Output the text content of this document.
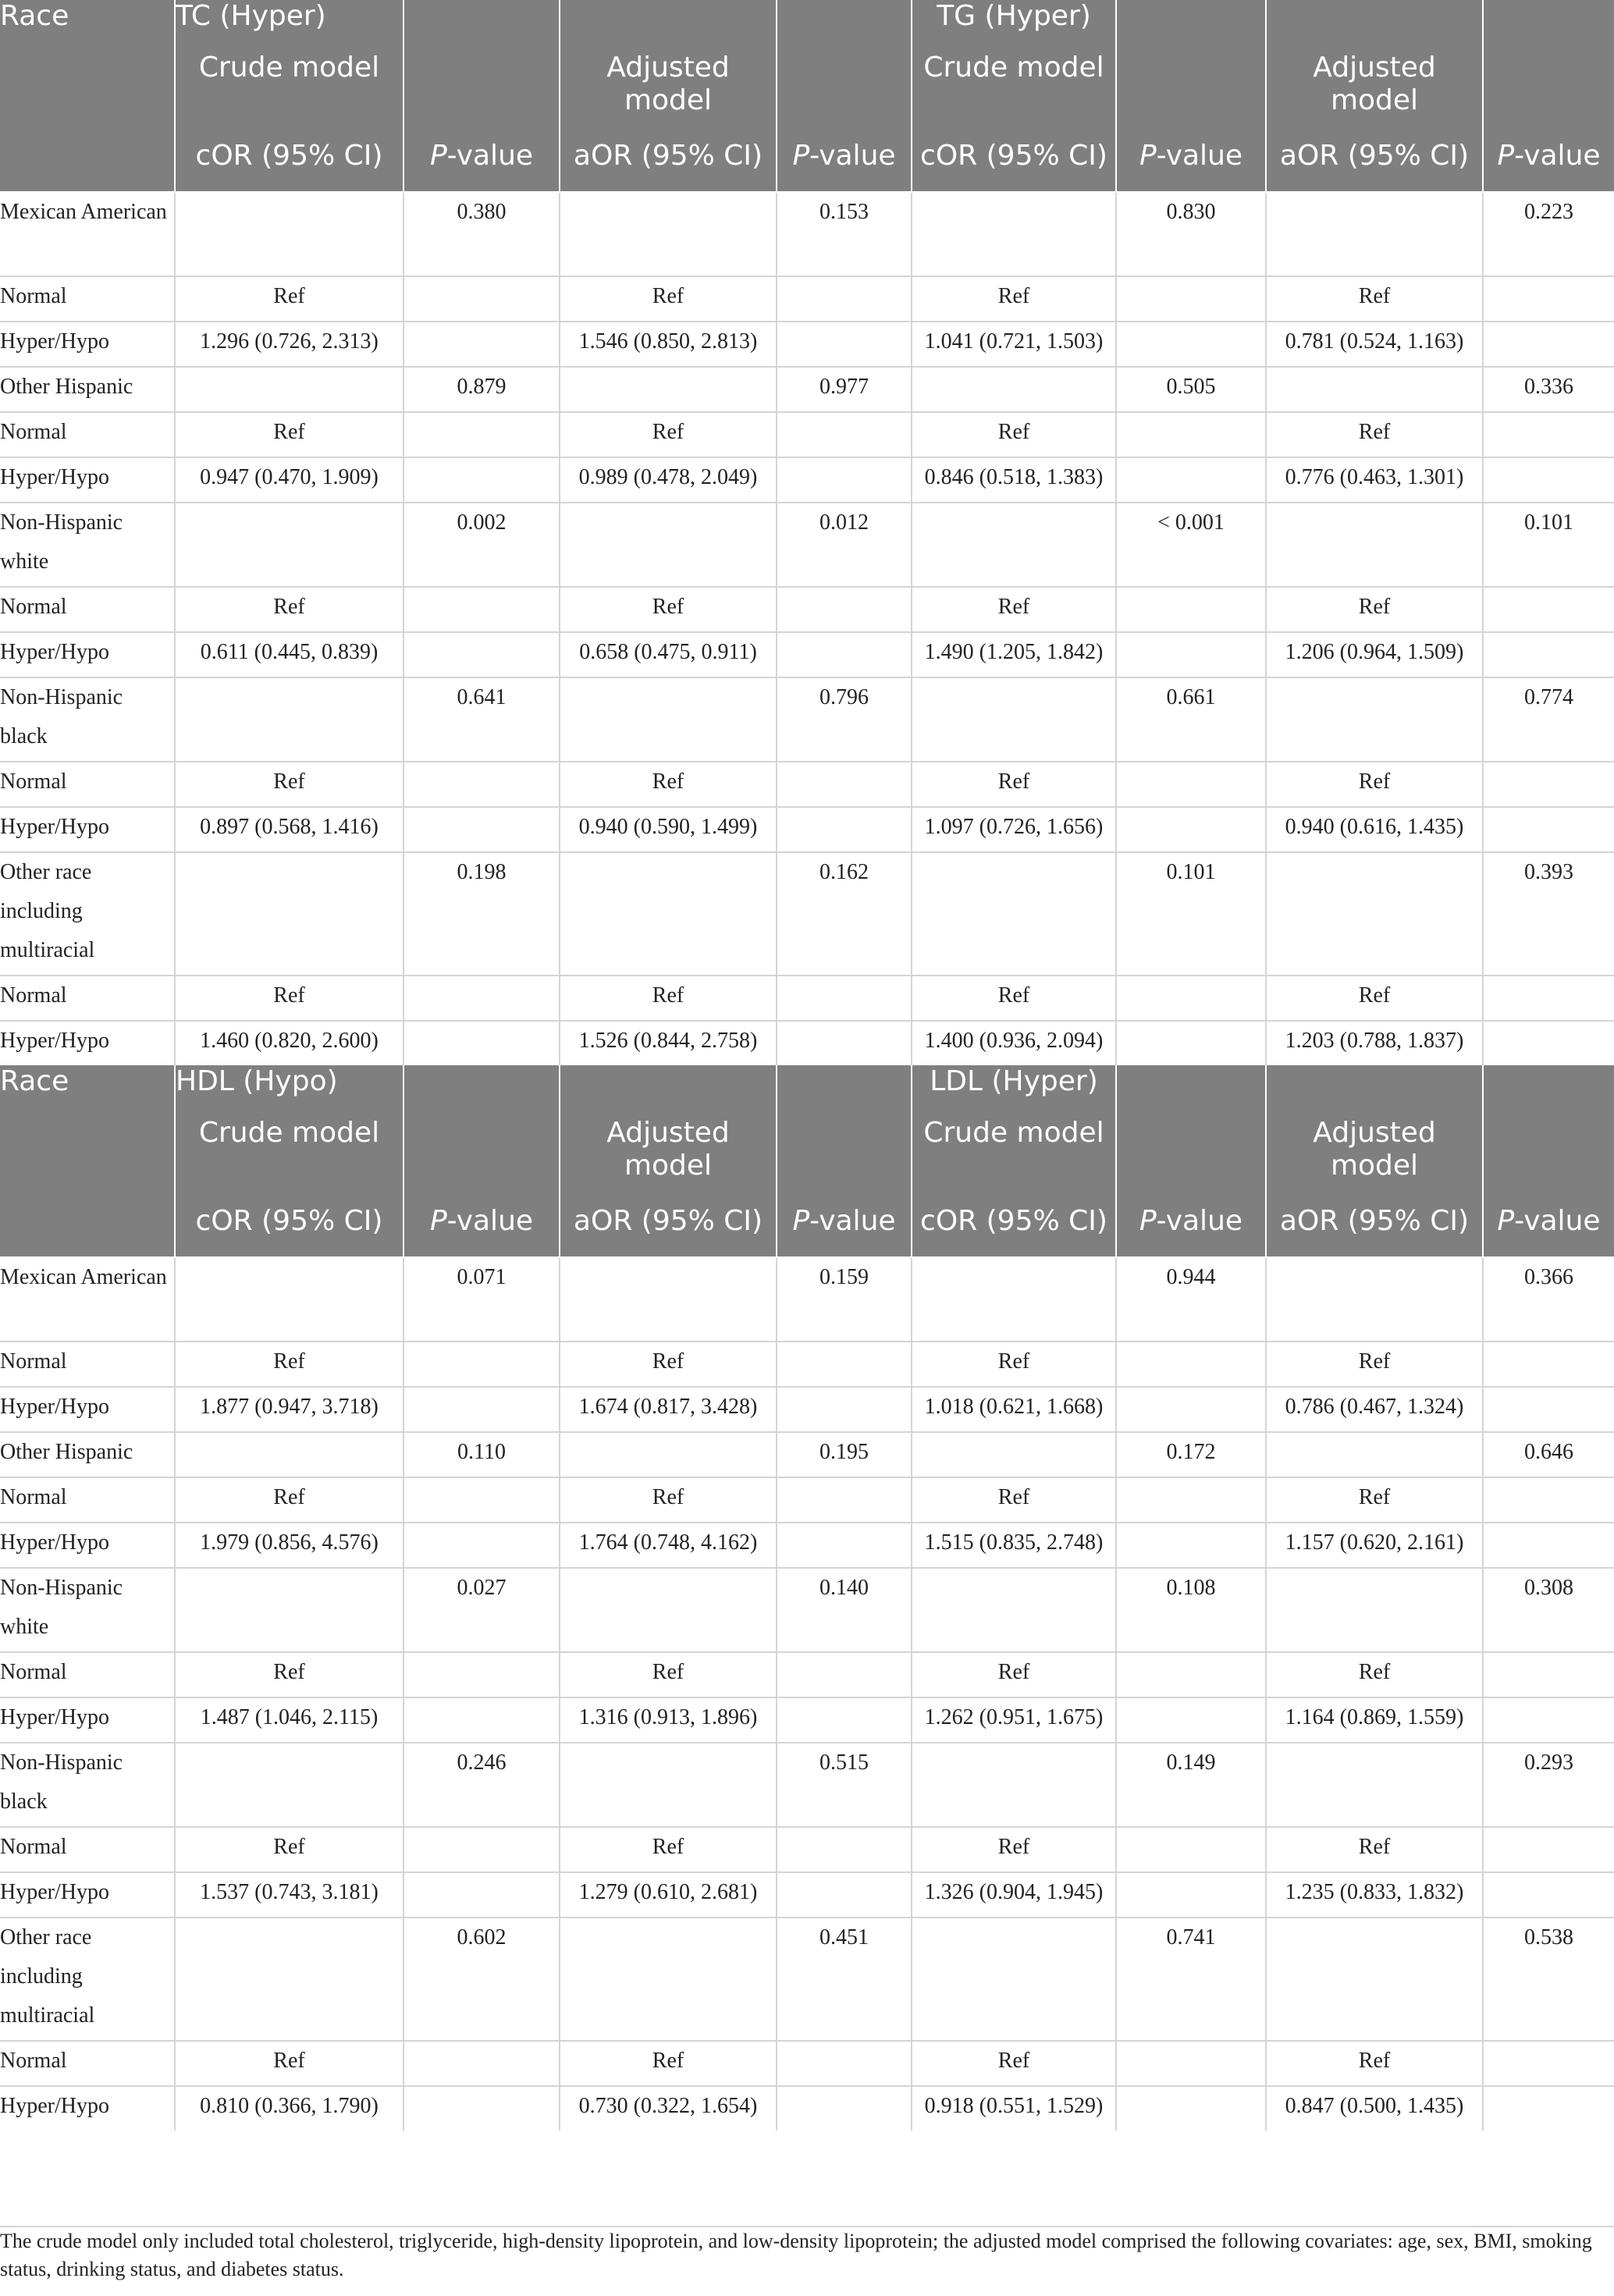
Race	TC (Hyper)				TG (Hyper)			
	Crude model		Adjusted model		Crude model		Adjusted model	
	cOR (95% CI)	P-value	aOR (95% CI)	P-value	cOR (95% CI)	P-value	aOR (95% CI)	P-value
Mexican American		0.380		0.153		0.830		0.223
Normal	Ref		Ref		Ref		Ref	
Hyper/Hypo	1.296 (0.726, 2.313)		1.546 (0.850, 2.813)		1.041 (0.721, 1.503)		0.781 (0.524, 1.163)	
Other Hispanic		0.879		0.977		0.505		0.336
Normal	Ref		Ref		Ref		Ref	
Hyper/Hypo	0.947 (0.470, 1.909)		0.989 (0.478, 2.049)		0.846 (0.518, 1.383)		0.776 (0.463, 1.301)	
Non-Hispanic white		0.002		0.012		< 0.001		0.101
Normal	Ref		Ref		Ref		Ref	
Hyper/Hypo	0.611 (0.445, 0.839)		0.658 (0.475, 0.911)		1.490 (1.205, 1.842)		1.206 (0.964, 1.509)	
Non-Hispanic black		0.641		0.796		0.661		0.774
Normal	Ref		Ref		Ref		Ref	
Hyper/Hypo	0.897 (0.568, 1.416)		0.940 (0.590, 1.499)		1.097 (0.726, 1.656)		0.940 (0.616, 1.435)	
Other race including multiracial		0.198		0.162		0.101		0.393
Normal	Ref		Ref		Ref		Ref	
Hyper/Hypo	1.460 (0.820, 2.600)		1.526 (0.844, 2.758)		1.400 (0.936, 2.094)		1.203 (0.788, 1.837)	
Race	HDL (Hypo)				LDL (Hyper)			
	Crude model		Adjusted model		Crude model		Adjusted model	
	cOR (95% CI)	P-value	aOR (95% CI)	P-value	cOR (95% CI)	P-value	aOR (95% CI)	P-value
Mexican American		0.071		0.159		0.944		0.366
Normal	Ref		Ref		Ref		Ref	
Hyper/Hypo	1.877 (0.947, 3.718)		1.674 (0.817, 3.428)		1.018 (0.621, 1.668)		0.786 (0.467, 1.324)	
Other Hispanic		0.110		0.195		0.172		0.646
Normal	Ref		Ref		Ref		Ref	
Hyper/Hypo	1.979 (0.856, 4.576)		1.764 (0.748, 4.162)		1.515 (0.835, 2.748)		1.157 (0.620, 2.161)	
Non-Hispanic white		0.027		0.140		0.108		0.308
Normal	Ref		Ref		Ref		Ref	
Hyper/Hypo	1.487 (1.046, 2.115)		1.316 (0.913, 1.896)		1.262 (0.951, 1.675)		1.164 (0.869, 1.559)	
Non-Hispanic black		0.246		0.515		0.149		0.293
Normal	Ref		Ref		Ref		Ref	
Hyper/Hypo	1.537 (0.743, 3.181)		1.279 (0.610, 2.681)		1.326 (0.904, 1.945)		1.235 (0.833, 1.832)	
Other race including multiracial		0.602		0.451		0.741		0.538
Normal	Ref		Ref		Ref		Ref	
Hyper/Hypo	0.810 (0.366, 1.790)		0.730 (0.322, 1.654)		0.918 (0.551, 1.529)		0.847 (0.500, 1.435)	
The crude model only included total cholesterol, triglyceride, high-density lipoprotein, and low-density lipoprotein; the adjusted model comprised the following covariates: age, sex, BMI, smoking status, drinking status, and diabetes status.
